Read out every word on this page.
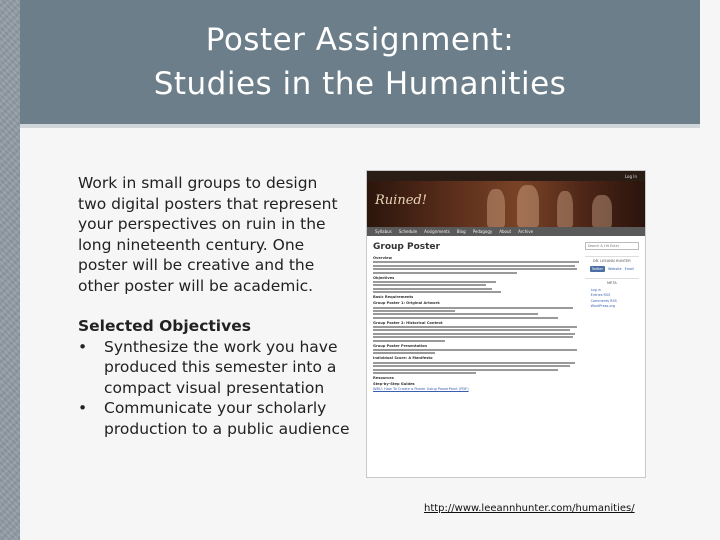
Poster Assignment:
Studies in the Humanities
Work in small groups to design two digital posters that represent your perspectives on ruin in the long nineteenth century. One poster will be creative and the other poster will be academic.
Selected Objectives
• Synthesize the work you have produced this semester into a compact visual presentation
• Communicate your scholarly production to a public audience
Log In
Ruined!
Syllabus Schedule Assignments Blog Pedagogy About Archive
Group Poster
Overview
Objectives
Basic Requirements
Group Poster 1: Original Artwork
Group Poster 2: Historical Context
Group Poster Presentation
Individual Score: A Manifesto
Resources
Step-by-Step Guides
WBU: How To Create a Poster Using PowerPoint (PDF)
Search & Hit Enter
DR. LEEANN HUNTER
Twitter	Website Email
META
Log in
Entries RSS
Comments RSS
WordPress.org
http://www.leeannhunter.com/humanities/
